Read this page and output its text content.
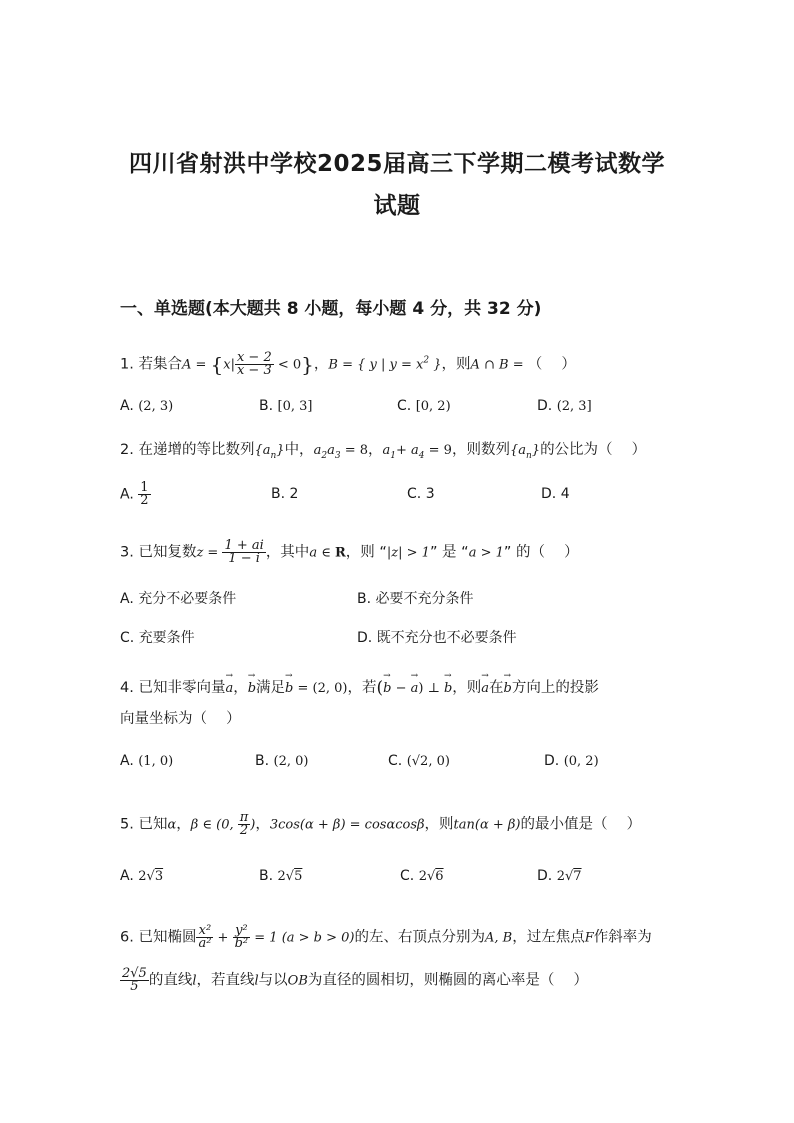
四川省射洪中学校2025届高三下学期二模考试数学
试题
一、单选题(本大题共 8 小题，每小题 4 分，共 32 分)
1. 若集合$A = \{x| \frac{x - 2}{x - 3} < 0\}$，B = { y | $y = x^2$ }，则A ∩ B = （　 ）
A. (2, 3)	B. [0, 3]	C. [0, 2)	D. (2, 3]
2. 在递增的等比数列$\{a_n\}$中，$a_2a_3 = 8$，$a_1+ a_4 = 9$，则数列$\{a_n\}$的公比为（　 ）
A. $\frac{1}{2}$	B. 2	C. 3	D. 4
3. 已知复数$z = \frac{1 + ai}{1 - i}$ ，其中a ∈ R，则 “|z| > 1” 是 “a > 1” 的（　 ）
A. 充分不必要条件	B. 必要不充分条件
C. 充要条件	D. 既不充分也不必要条件
4. 已知非零向量→ a，→ b满足→ b = (2, 0)，若(→ b − → a) ⊥ → b，则→ a在→ b方向上的投影
向量坐标为（　 ）
A. (1, 0)	B. (2, 0)	C. (√2, 0)	D. (0, 2)
5. 已知α，β ∈ (0, $\frac{\pi}{2}$ )，3cos(α + β) = cosαcosβ，则tan(α + β)的最小值是（　 ）
A. 2√3	B. 2√5	C. 2√6	D. 2√7
6. 已知椭圆 $\frac{\text{x²}}{\text{a²}} + \frac{\text{y²}}{\text{b²}} = 1$ (a > b > 0)的左、右顶点分别为A, B，过左焦点F作斜率为
$\frac{2√5}{5}$ 的直线l，若直线l与以OB为直径的圆相切，则椭圆的离心率是（　 ）
